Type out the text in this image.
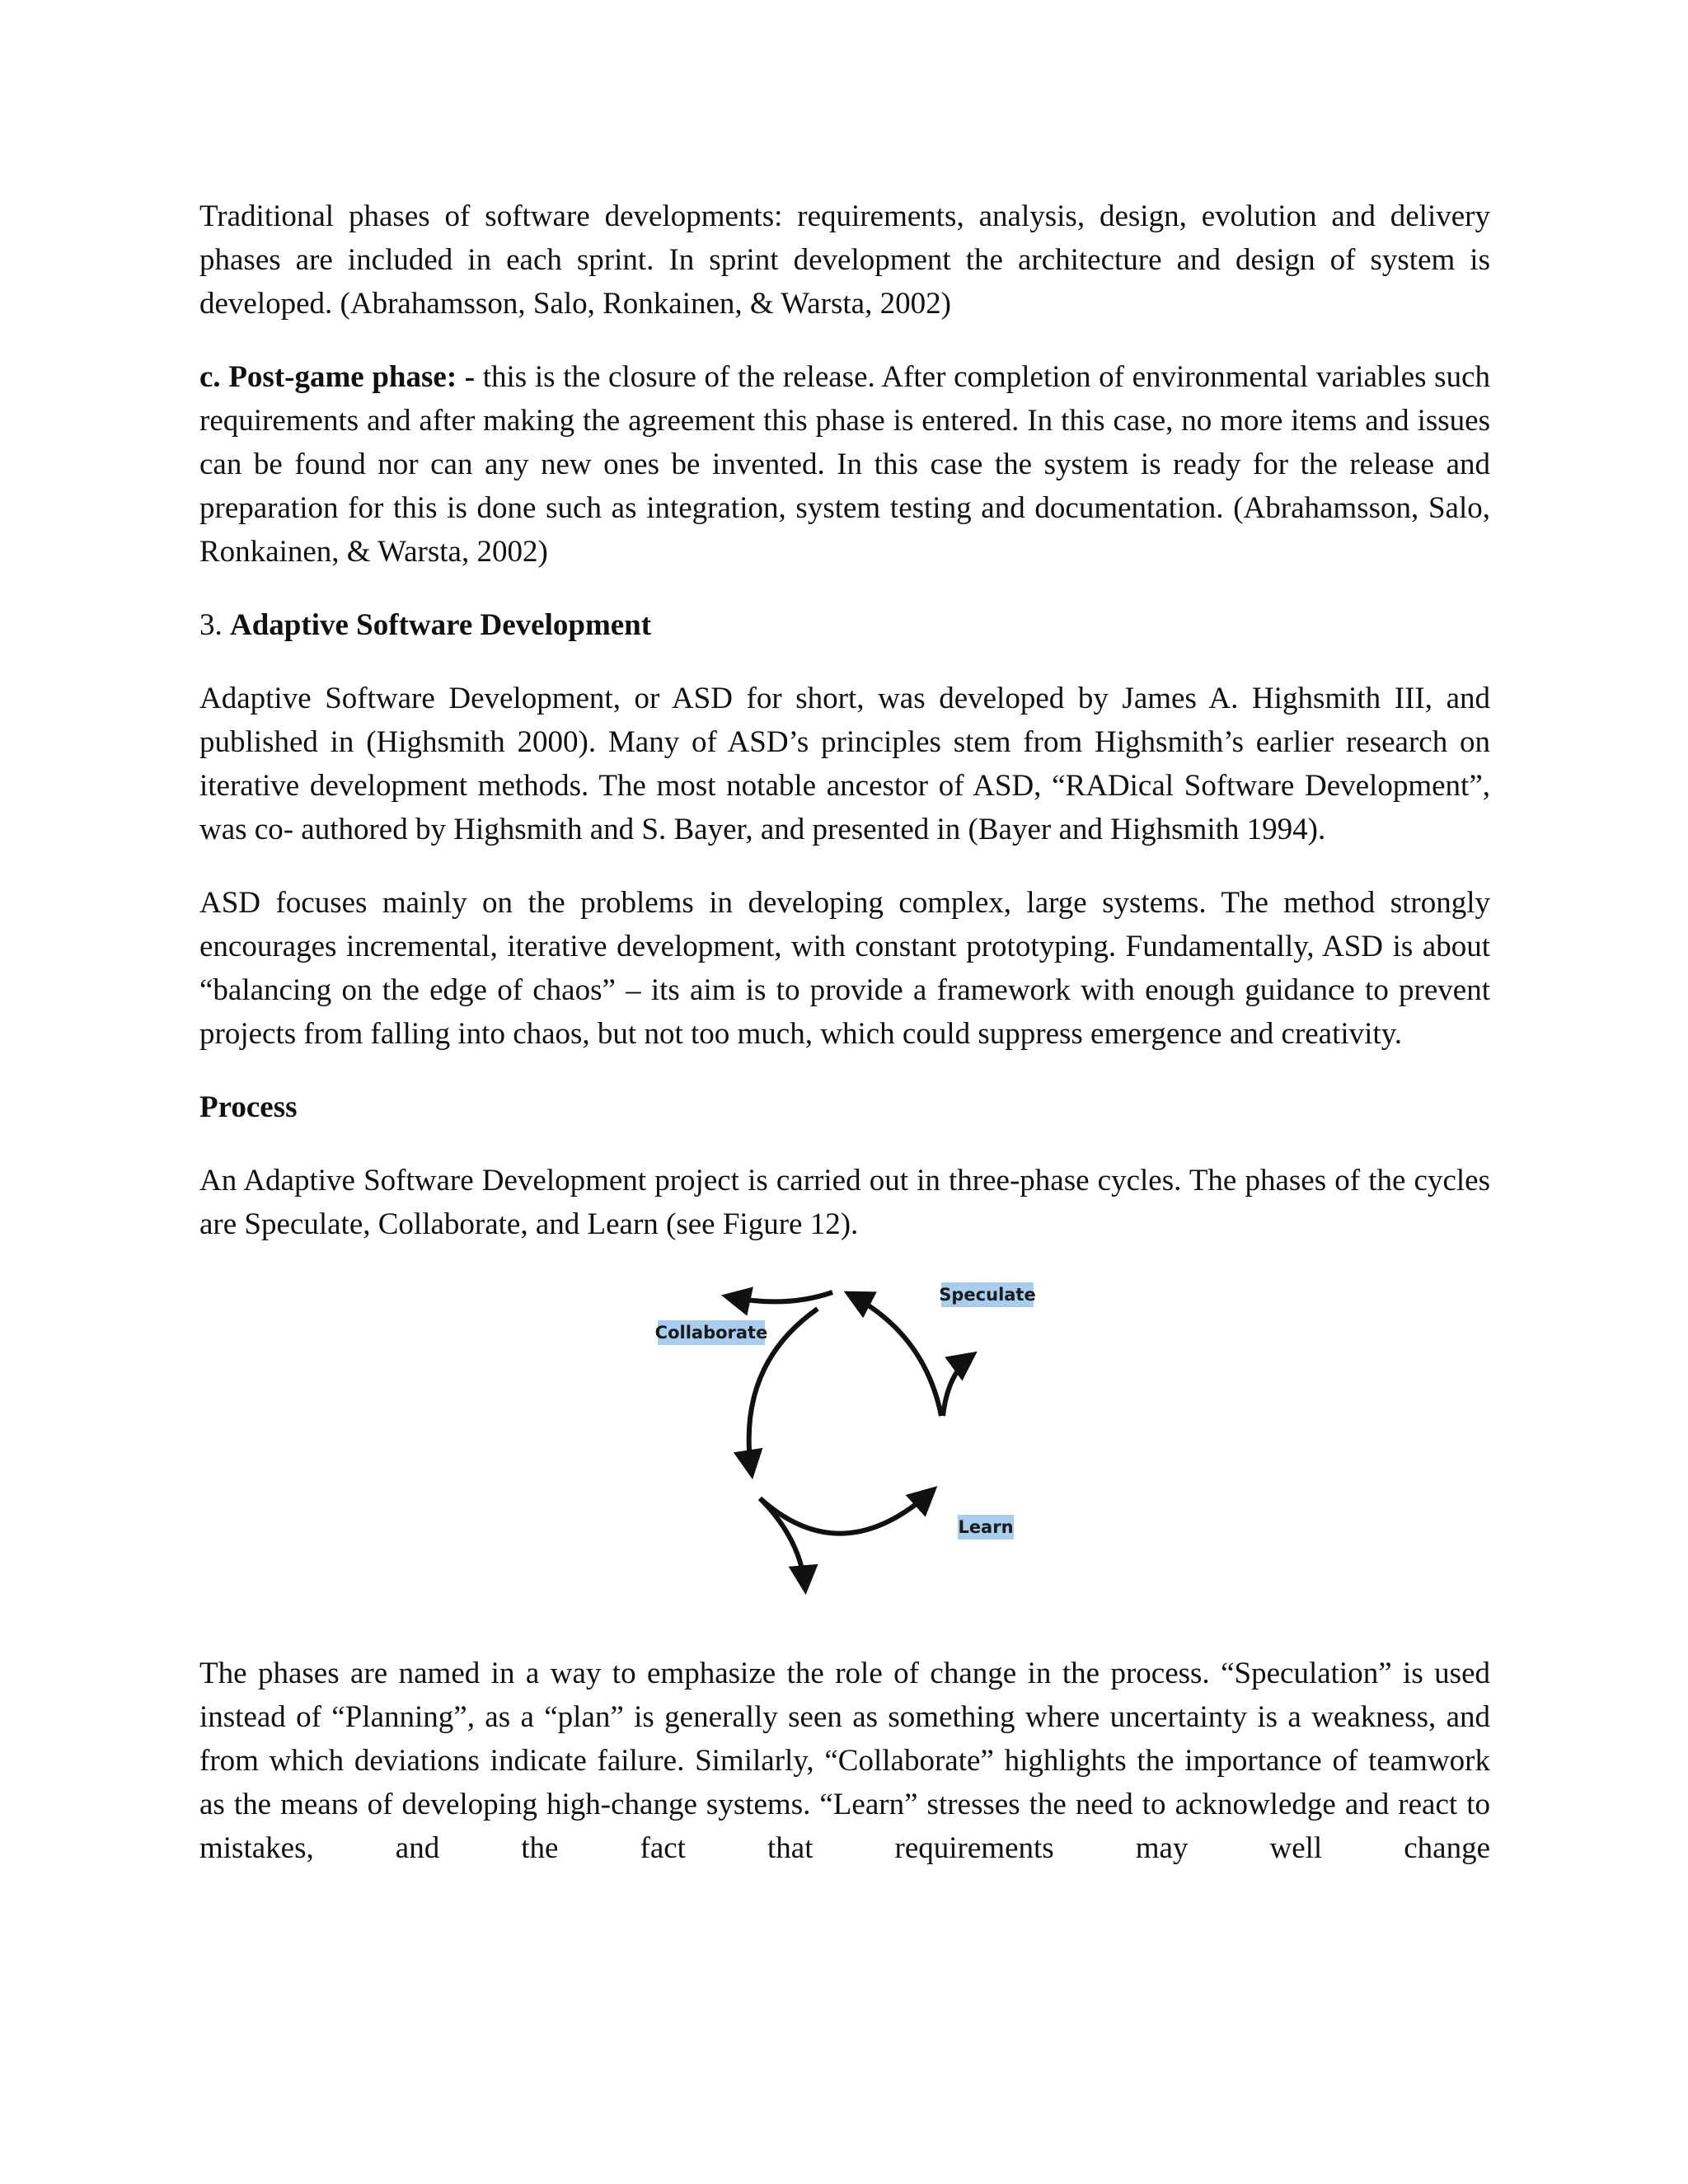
Traditional phases of software developments: requirements, analysis, design, evolution and delivery phases are included in each sprint. In sprint development the architecture and design of system is developed. (Abrahamsson, Salo, Ronkainen, & Warsta, 2002)

c. Post-game phase: - this is the closure of the release. After completion of environmental variables such requirements and after making the agreement this phase is entered. In this case, no more items and issues can be found nor can any new ones be invented. In this case the system is ready for the release and preparation for this is done such as integration, system testing and documentation. (Abrahamsson, Salo, Ronkainen, & Warsta, 2002)

3. Adaptive Software Development

Adaptive Software Development, or ASD for short, was developed by James A. Highsmith III, and published in (Highsmith 2000). Many of ASD’s principles stem from Highsmith’s earlier research on iterative development methods. The most notable ancestor of ASD, “RADical Software Development”, was co- authored by Highsmith and S. Bayer, and presented in (Bayer and Highsmith 1994).

ASD focuses mainly on the problems in developing complex, large systems. The method strongly encourages incremental, iterative development, with constant prototyping. Fundamentally, ASD is about “balancing on the edge of chaos” – its aim is to provide a framework with enough guidance to prevent projects from falling into chaos, but not too much, which could suppress emergence and creativity.

Process

An Adaptive Software Development project is carried out in three-phase cycles. The phases of the cycles are Speculate, Collaborate, and Learn (see Figure 12).

Speculate
Collaborate
Learn

The phases are named in a way to emphasize the role of change in the process. “Speculation” is used instead of “Planning”, as a “plan” is generally seen as something where uncertainty is a weakness, and from which deviations indicate failure. Similarly, “Collaborate” highlights the importance of teamwork as the means of developing high-change systems. “Learn” stresses the need to acknowledge and react to mistakes, and the fact that requirements may well change
